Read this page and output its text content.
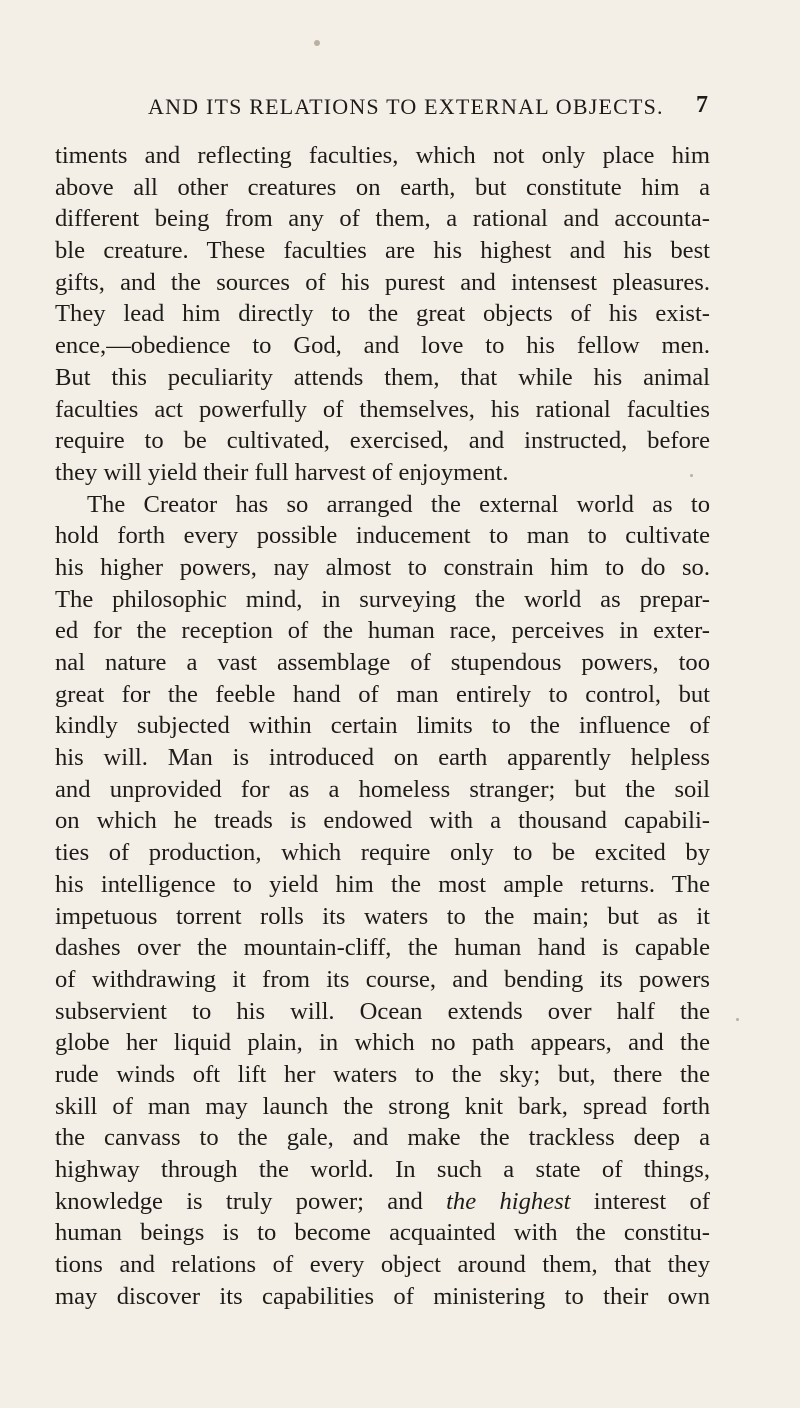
AND ITS RELATIONS TO EXTERNAL OBJECTS. 7
timents and reflecting faculties, which not only place him
above all other creatures on earth, but constitute him a
different being from any of them, a rational and accounta-
ble creature. These faculties are his highest and his best
gifts, and the sources of his purest and intensest pleasures.
They lead him directly to the great objects of his exist-
ence,—obedience to God, and love to his fellow men.
But this peculiarity attends them, that while his animal
faculties act powerfully of themselves, his rational faculties
require to be cultivated, exercised, and instructed, before
they will yield their full harvest of enjoyment.
The Creator has so arranged the external world as to
hold forth every possible inducement to man to cultivate
his higher powers, nay almost to constrain him to do so.
The philosophic mind, in surveying the world as prepar-
ed for the reception of the human race, perceives in exter-
nal nature a vast assemblage of stupendous powers, too
great for the feeble hand of man entirely to control, but
kindly subjected within certain limits to the influence of
his will. Man is introduced on earth apparently helpless
and unprovided for as a homeless stranger; but the soil
on which he treads is endowed with a thousand capabili-
ties of production, which require only to be excited by
his intelligence to yield him the most ample returns. The
impetuous torrent rolls its waters to the main; but as it
dashes over the mountain-cliff, the human hand is capable
of withdrawing it from its course, and bending its powers
subservient to his will. Ocean extends over half the
globe her liquid plain, in which no path appears, and the
rude winds oft lift her waters to the sky; but, there the
skill of man may launch the strong knit bark, spread forth
the canvass to the gale, and make the trackless deep a
highway through the world. In such a state of things,
knowledge is truly power; and the highest interest of
human beings is to become acquainted with the constitu-
tions and relations of every object around them, that they
may discover its capabilities of ministering to their own
